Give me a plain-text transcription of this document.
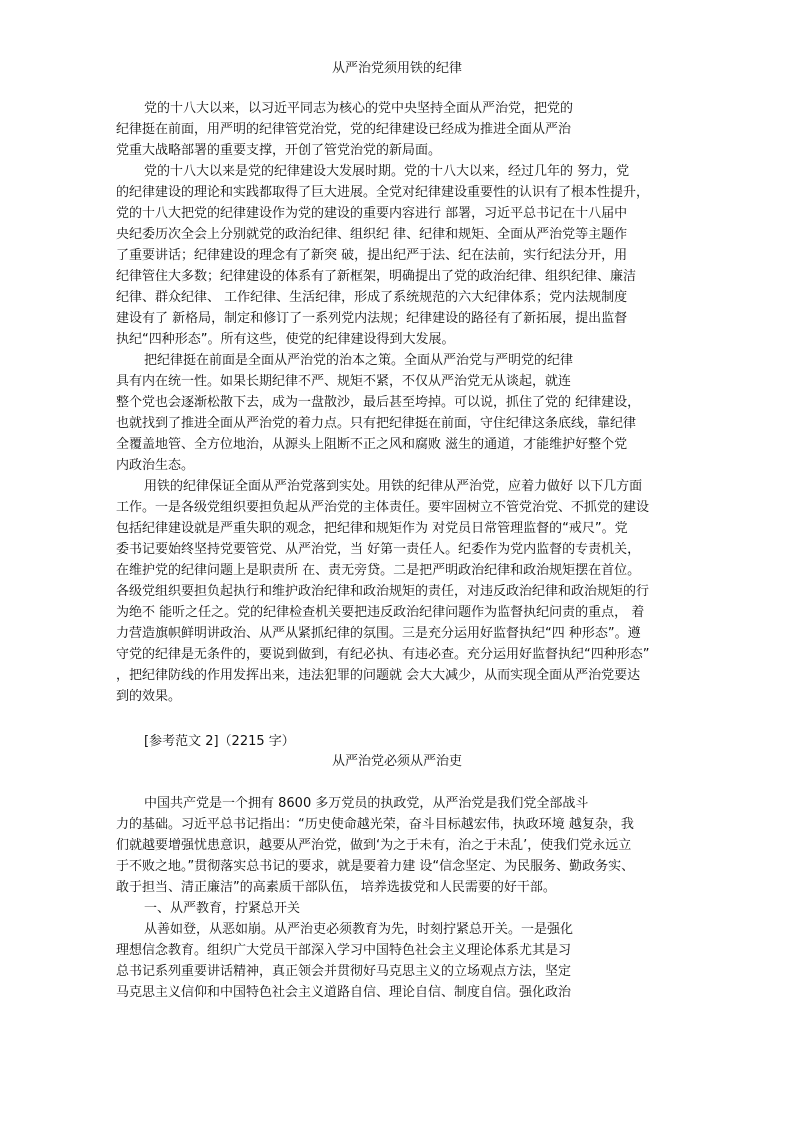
从严治党须用铁的纪律
党的十八大以来，以习近平同志为核心的党中央坚持全面从严治党，把党的
纪律挺在前面，用严明的纪律管党治党，党的纪律建设已经成为推进全面从严治
党重大战略部署的重要支撑，开创了管党治党的新局面。
党的十八大以来是党的纪律建设大发展时期。党的十八大以来，经过几年的 努力，党
的纪律建设的理论和实践都取得了巨大进展。全党对纪律建设重要性的认识有了根本性提升，
党的十八大把党的纪律建设作为党的建设的重要内容进行 部署，习近平总书记在十八届中
央纪委历次全会上分别就党的政治纪律、组织纪 律、纪律和规矩、全面从严治党等主题作
了重要讲话；纪律建设的理念有了新突 破，提出纪严于法、纪在法前，实行纪法分开，用
纪律管住大多数；纪律建设的体系有了新框架，明确提出了党的政治纪律、组织纪律、廉洁
纪律、群众纪律、 工作纪律、生活纪律，形成了系统规范的六大纪律体系；党内法规制度
建设有了 新格局，制定和修订了一系列党内法规；纪律建设的路径有了新拓展，提出监督
执纪“四种形态”。所有这些，使党的纪律建设得到大发展。
把纪律挺在前面是全面从严治党的治本之策。全面从严治党与严明党的纪律
具有内在统一性。如果长期纪律不严、规矩不紧，不仅从严治党无从谈起，就连
整个党也会逐渐松散下去，成为一盘散沙，最后甚至垮掉。可以说，抓住了党的 纪律建设，
也就找到了推进全面从严治党的着力点。只有把纪律挺在前面，守住纪律这条底线，靠纪律
全覆盖地管、全方位地治，从源头上阻断不正之风和腐败 滋生的通道，才能维护好整个党
内政治生态。
用铁的纪律保证全面从严治党落到实处。用铁的纪律从严治党，应着力做好 以下几方面
工作。一是各级党组织要担负起从严治党的主体责任。要牢固树立不管党治党、不抓党的建设
包括纪律建设就是严重失职的观念，把纪律和规矩作为 对党员日常管理监督的“戒尺”。党
委书记要始终坚持党要管党、从严治党，当 好第一责任人。纪委作为党内监督的专责机关，
在维护党的纪律问题上是职责所 在、责无旁贷。二是把严明政治纪律和政治规矩摆在首位。
各级党组织要担负起执行和维护政治纪律和政治规矩的责任，对违反政治纪律和政治规矩的行
为绝不 能听之任之。党的纪律检查机关要把违反政治纪律问题作为监督执纪问责的重点， 着
力营造旗帜鲜明讲政治、从严从紧抓纪律的氛围。三是充分运用好监督执纪“四 种形态”。遵
守党的纪律是无条件的，要说到做到，有纪必执、有违必查。充分运用好监督执纪“四种形态”
，把纪律防线的作用发挥出来，违法犯罪的问题就 会大大减少，从而实现全面从严治党要达
到的效果。
[参考范文 2]（2215 字）
从严治党必须从严治吏
中国共产党是一个拥有 8600 多万党员的执政党，从严治党是我们党全部战斗
力的基础。习近平总书记指出：“历史使命越光荣，奋斗目标越宏伟，执政环境 越复杂，我
们就越要增强忧患意识，越要从严治党，做到‘为之于未有，治之于未乱’，使我们党永远立
于不败之地。”贯彻落实总书记的要求，就是要着力建 设“信念坚定、为民服务、勤政务实、
敢于担当、清正廉洁”的高素质干部队伍， 培养选拔党和人民需要的好干部。
一、从严教育，拧紧总开关
从善如登，从恶如崩。从严治吏必须教育为先，时刻拧紧总开关。一是强化
理想信念教育。组织广大党员干部深入学习中国特色社会主义理论体系尤其是习
总书记系列重要讲话精神，真正领会并贯彻好马克思主义的立场观点方法，坚定
马克思主义信仰和中国特色社会主义道路自信、理论自信、制度自信。强化政治
